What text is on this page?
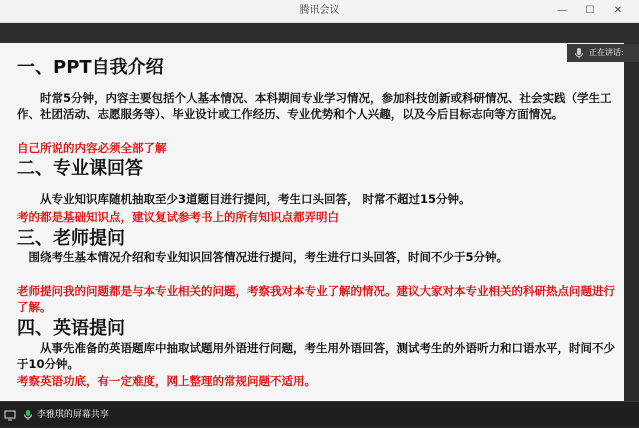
腾讯会议	—	☐	✕
一、PPT自我介绍
　　时常5分钟，内容主要包括个人基本情况、本科期间专业学习情况，参加科技创新或科研情况、社会实践（学生工作、社团活动、志愿服务等）、毕业设计或工作经历、专业优势和个人兴趣，以及今后目标志向等方面情况。
自己所说的内容必须全部了解
二、专业课回答
　　从专业知识库随机抽取至少3道题目进行提问，考生口头回答， 时常不超过15分钟。
考的都是基础知识点，建议复试参考书上的所有知识点都弄明白
三、老师提问
　围绕考生基本情况介绍和专业知识回答情况进行提问，考生进行口头回答，时间不少于5分钟。
老师提问我的问题都是与本专业相关的问题，考察我对本专业了解的情况。建议大家对本专业相关的科研热点问题进行了解。
四、英语提问
　　从事先准备的英语题库中抽取试题用外语进行问题，考生用外语回答，测试考生的外语听力和口语水平，时间不少于10分钟。
考察英语功底，有一定难度，网上整理的常规问题不适用。
正在讲话:
李雅琪的屏幕共享
